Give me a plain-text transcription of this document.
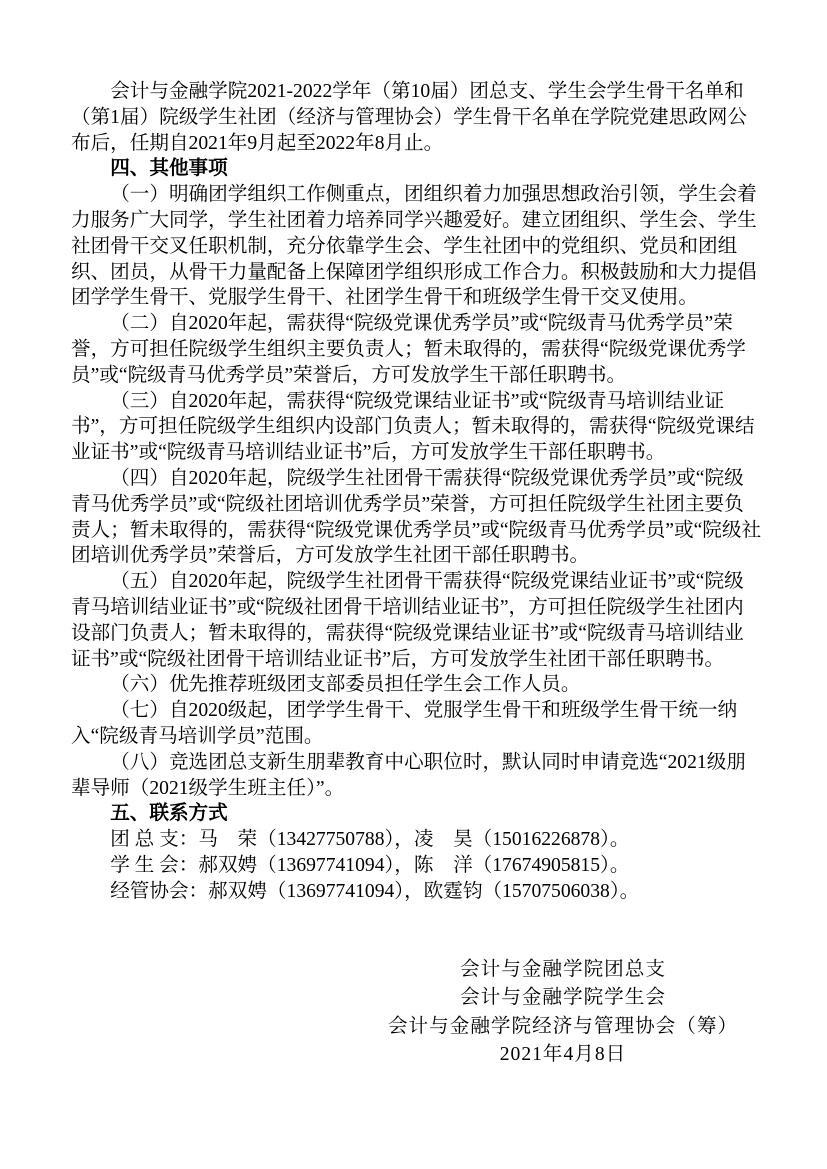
会计与金融学院2021-2022学年（第10届）团总支、学生会学生骨干名单和（第1届）院级学生社团（经济与管理协会）学生骨干名单在学院党建思政网公布后，任期自2021年9月起至2022年8月止。

四、其他事项

（一）明确团学组织工作侧重点，团组织着力加强思想政治引领，学生会着力服务广大同学，学生社团着力培养同学兴趣爱好。建立团组织、学生会、学生社团骨干交叉任职机制，充分依靠学生会、学生社团中的党组织、党员和团组织、团员，从骨干力量配备上保障团学组织形成工作合力。积极鼓励和大力提倡团学学生骨干、党服学生骨干、社团学生骨干和班级学生骨干交叉使用。

（二）自2020年起，需获得“院级党课优秀学员”或“院级青马优秀学员”荣誉，方可担任院级学生组织主要负责人；暂未取得的，需获得“院级党课优秀学员”或“院级青马优秀学员”荣誉后，方可发放学生干部任职聘书。

（三）自2020年起，需获得“院级党课结业证书”或“院级青马培训结业证书”，方可担任院级学生组织内设部门负责人；暂未取得的，需获得“院级党课结业证书”或“院级青马培训结业证书”后，方可发放学生干部任职聘书。

（四）自2020年起，院级学生社团骨干需获得“院级党课优秀学员”或“院级青马优秀学员”或“院级社团培训优秀学员”荣誉，方可担任院级学生社团主要负责人；暂未取得的，需获得“院级党课优秀学员”或“院级青马优秀学员”或“院级社团培训优秀学员”荣誉后，方可发放学生社团干部任职聘书。

（五）自2020年起，院级学生社团骨干需获得“院级党课结业证书”或“院级青马培训结业证书”或“院级社团骨干培训结业证书”，方可担任院级学生社团内设部门负责人；暂未取得的，需获得“院级党课结业证书”或“院级青马培训结业证书”或“院级社团骨干培训结业证书”后，方可发放学生社团干部任职聘书。

（六）优先推荐班级团支部委员担任学生会工作人员。

（七）自2020级起，团学学生骨干、党服学生骨干和班级学生骨干统一纳入“院级青马培训学员”范围。

（八）竞选团总支新生朋辈教育中心职位时，默认同时申请竞选“2021级朋辈导师（2021级学生班主任）”。

五、联系方式

团 总 支：马　荣（13427750788），凌　昊（15016226878）。

学 生 会：郝双娉（13697741094），陈　洋（17674905815）。

经管协会：郝双娉（13697741094），欧霆钧（15707506038）。

会计与金融学院团总支

会计与金融学院学生会

会计与金融学院经济与管理协会（筹）

2021年4月8日
